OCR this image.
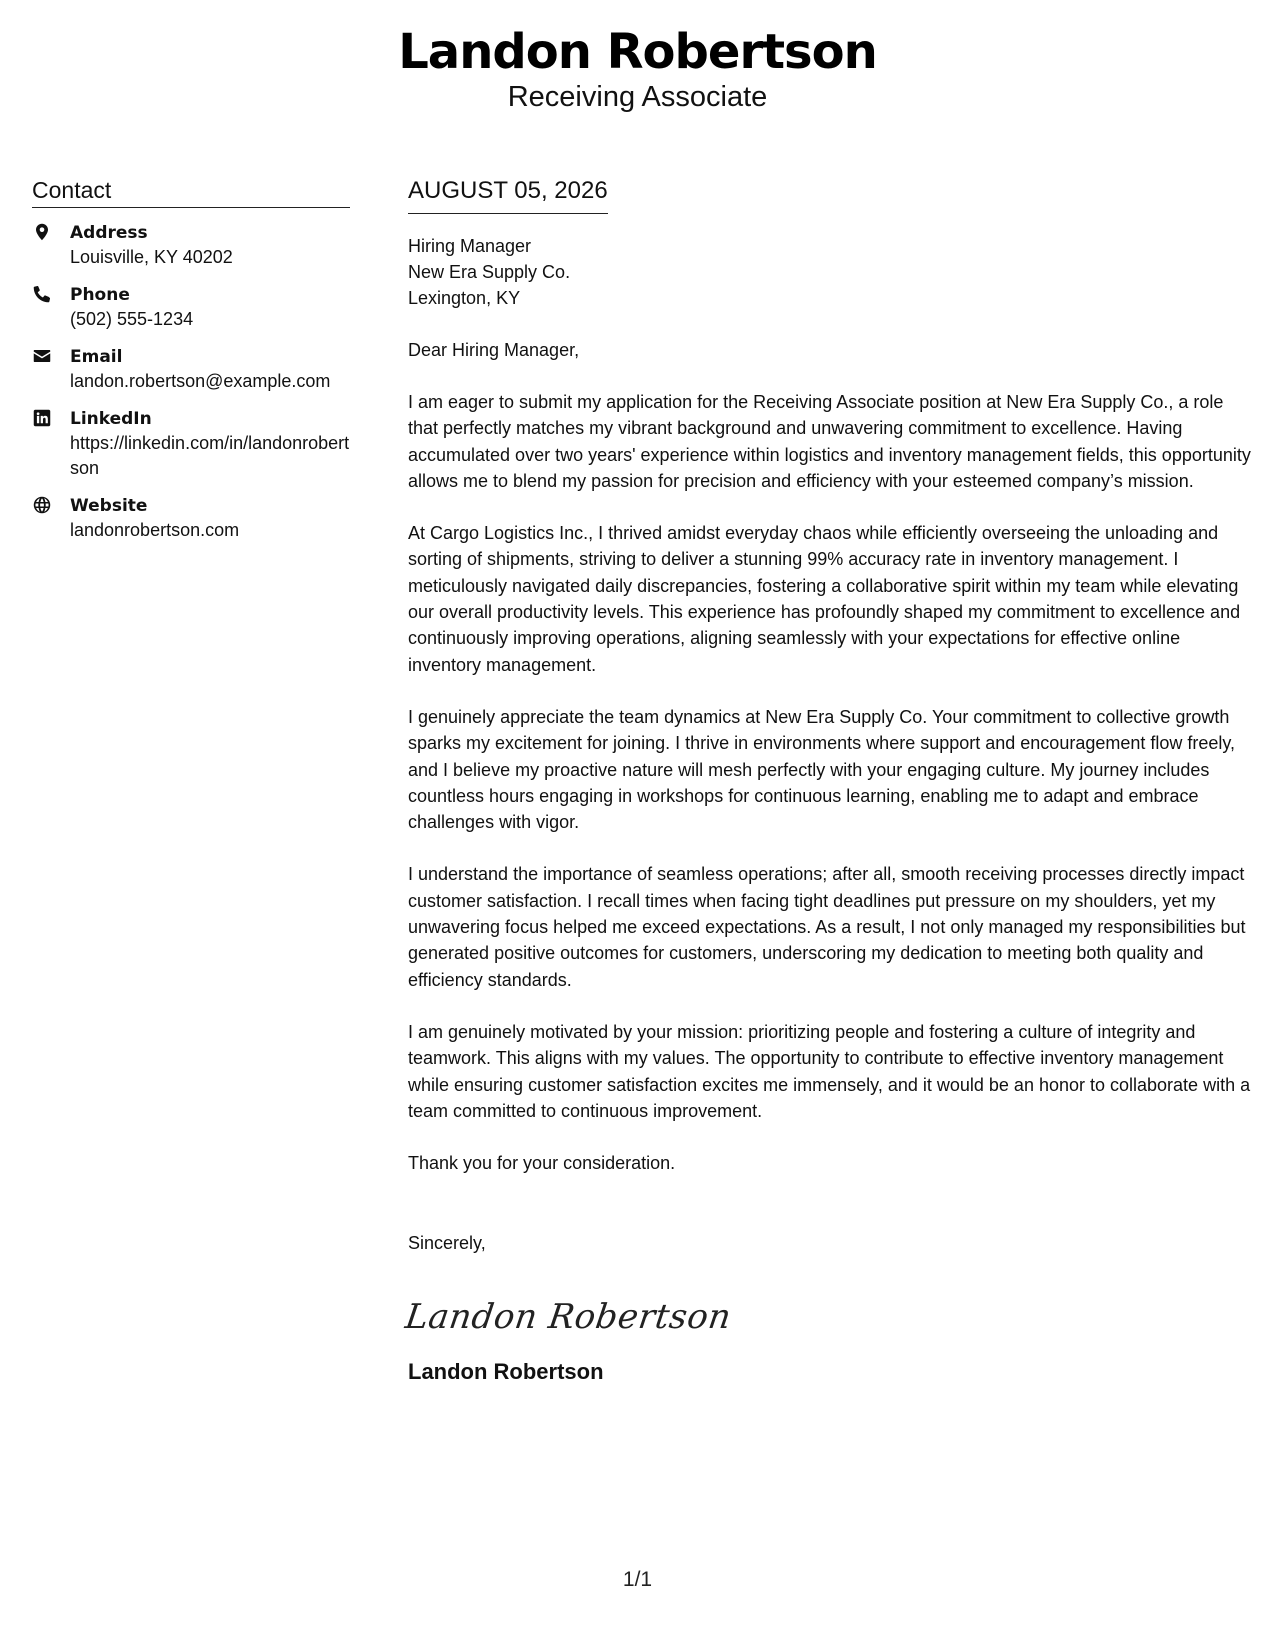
Landon Robertson
Receiving Associate
Contact
Address
Louisville, KY 40202
Phone
(502) 555-1234
Email
landon.robertson@example.com
LinkedIn
https://linkedin.com/in/landonrobertson
Website
landonrobertson.com
AUGUST 05, 2026
Hiring Manager
New Era Supply Co.
Lexington, KY
Dear Hiring Manager,
I am eager to submit my application for the Receiving Associate position at New Era Supply Co., a role that perfectly matches my vibrant background and unwavering commitment to excellence. Having accumulated over two years' experience within logistics and inventory management fields, this opportunity allows me to blend my passion for precision and efficiency with your esteemed company’s mission.
At Cargo Logistics Inc., I thrived amidst everyday chaos while efficiently overseeing the unloading and sorting of shipments, striving to deliver a stunning 99% accuracy rate in inventory management. I meticulously navigated daily discrepancies, fostering a collaborative spirit within my team while elevating our overall productivity levels. This experience has profoundly shaped my commitment to excellence and continuously improving operations, aligning seamlessly with your expectations for effective online inventory management.
I genuinely appreciate the team dynamics at New Era Supply Co. Your commitment to collective growth sparks my excitement for joining. I thrive in environments where support and encouragement flow freely, and I believe my proactive nature will mesh perfectly with your engaging culture. My journey includes countless hours engaging in workshops for continuous learning, enabling me to adapt and embrace challenges with vigor.
I understand the importance of seamless operations; after all, smooth receiving processes directly impact customer satisfaction. I recall times when facing tight deadlines put pressure on my shoulders, yet my unwavering focus helped me exceed expectations. As a result, I not only managed my responsibilities but generated positive outcomes for customers, underscoring my dedication to meeting both quality and efficiency standards.
I am genuinely motivated by your mission: prioritizing people and fostering a culture of integrity and teamwork. This aligns with my values. The opportunity to contribute to effective inventory management while ensuring customer satisfaction excites me immensely, and it would be an honor to collaborate with a team committed to continuous improvement.
Thank you for your consideration.
Sincerely,
Landon Robertson
Landon Robertson
1/1
